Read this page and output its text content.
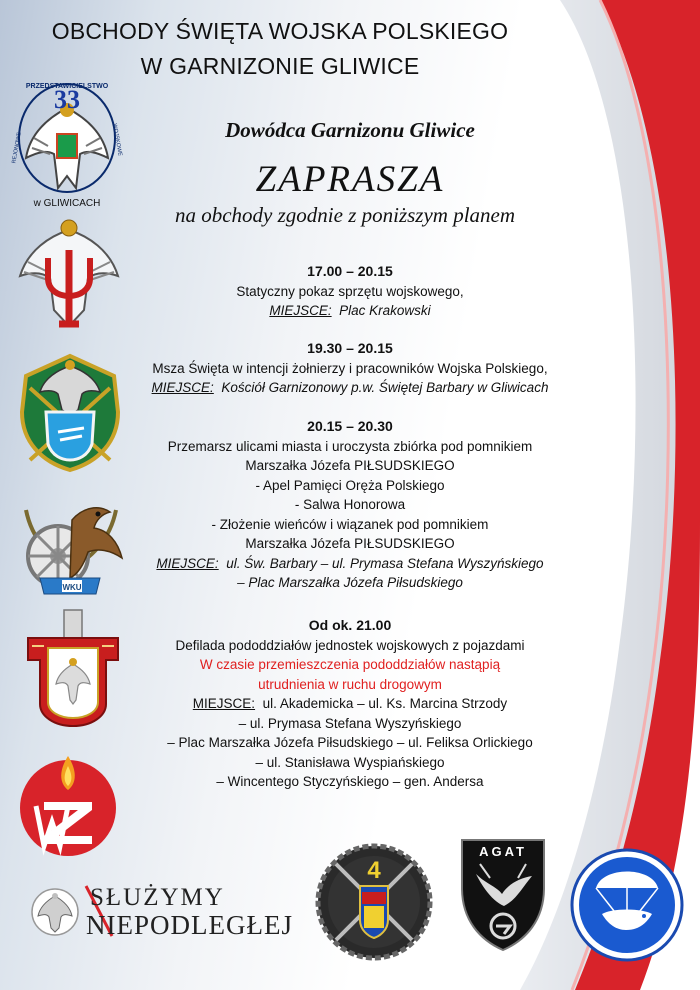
OBCHODY ŚWIĘTA WOJSKA POLSKIEGO
W GARNIZONIE GLIWICE
Dowódca Garnizonu Gliwice
ZAPRASZA
na obchody zgodnie z poniższym planem
17.00 – 20.15
Statyczny pokaz sprzętu wojskowego,
MIEJSCE: Plac Krakowski
19.30 – 20.15
Msza Święta w intencji żołnierzy i pracowników Wojska Polskiego,
MIEJSCE: Kościół Garnizonowy p.w. Świętej Barbary w Gliwicach
20.15 – 20.30
Przemarsz ulicami miasta i uroczysta zbiórka pod pomnikiem
Marszałka Józefa PIŁSUDSKIEGO
- Apel Pamięci Oręża Polskiego
- Salwa Honorowa
- Złożenie wieńców i wiązanek pod pomnikiem
Marszałka Józefa PIŁSUDSKIEGO
MIEJSCE: ul. Św. Barbary – ul. Prymasa Stefana Wyszyńskiego
– Plac Marszałka Józefa Piłsudskiego
Od ok. 21.00
Defilada pododdziałów jednostek wojskowych z pojazdami
W czasie przemieszczenia pododdziałów nastąpią
utrudnienia w ruchu drogowym
MIEJSCE: ul. Akademicka – ul. Ks. Marcina Strzody
– ul. Prymasa Stefana Wyszyńskiego
– Plac Marszałka Józefa Piłsudskiego – ul. Feliksa Orlickiego
– ul. Stanisława Wyspiańskiego
– Wincentego Styczyńskiego – gen. Andersa
33
PRZEDSTAWICIELSTWO
REJONOWE	WOJSKOWE
w GLIWICACH
WKU
4
AGAT
SŁUŻYMY
NIEPODLEGŁEJ
